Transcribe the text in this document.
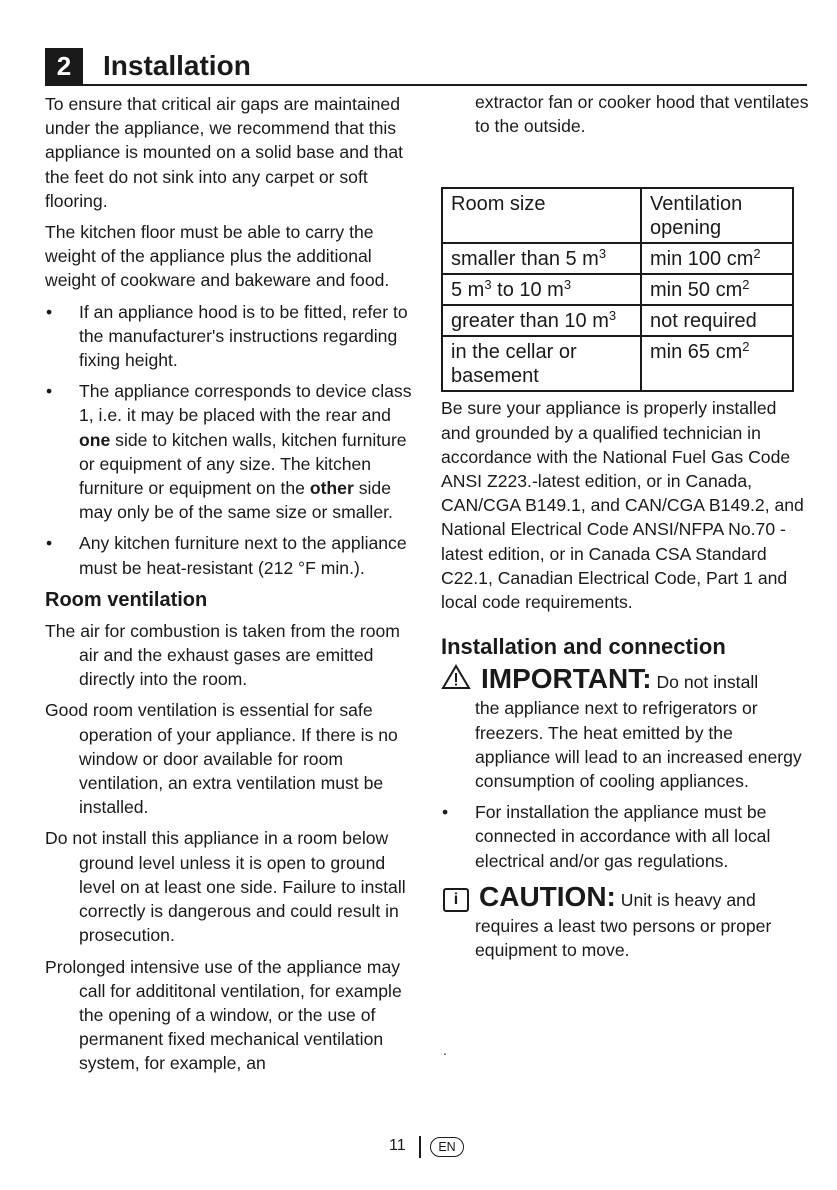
2	Installation

To ensure that critical air gaps are maintained under the appliance, we recommend that this appliance is mounted on a solid base and that the feet do not sink into any carpet or soft flooring.

The kitchen floor must be able to carry the weight of the appliance plus the additional weight of cookware and bakeware and food.

• If an appliance hood is to be fitted, refer to the manufacturer's instructions regarding fixing height.
• The appliance corresponds to device class 1, i.e. it may be placed with the rear and one side to kitchen walls, kitchen furniture or equipment of any size. The kitchen furniture or equipment on the other side may only be of the same size or smaller.
• Any kitchen furniture next to the appliance must be heat-resistant (212 °F min.).
Room ventilation

The air for combustion is taken from the room air and the exhaust gases are emitted directly into the room.

Good room ventilation is essential for safe operation of your appliance. If there is no window or door available for room ventilation, an extra ventilation must be installed.

Do not install this appliance in a room below ground level unless it is open to ground level on at least one side. Failure to install correctly is dangerous and could result in prosecution.

Prolonged intensive use of the appliance may call for addititonal ventilation, for example the opening of a window, or the use of permanent fixed mechanical ventilation system, for example, an

extractor fan or cooker hood that ventilates to the outside.

Room size	Ventilation opening
smaller than 5 $m^3$	min 100 $cm^2$
5 $m^3$ to 10 $m^3$	min 50 $cm^2$
greater than 10 $m^3$	not required
in the cellar or basement	min 65 $cm^2$

Be sure your appliance is properly installed and grounded by a qualified technician in accordance with the National Fuel Gas Code ANSI Z223.-latest edition, or in Canada, CAN/CGA B149.1, and CAN/CGA B149.2, and National Electrical Code ANSI/NFPA No.70 - latest edition, or in Canada CSA Standard C22.1, Canadian Electrical Code, Part 1 and local code requirements.

Installation and connection
IMPORTANT: Do not install
the appliance next to refrigerators or freezers. The heat emitted by the appliance will lead to an increased energy consumption of cooling appliances.
• For installation the appliance must be connected in accordance with all local electrical and/or gas regulations.
i CAUTION: Unit is heavy and
requires a least two persons or proper equipment to move.
.
11	EN
